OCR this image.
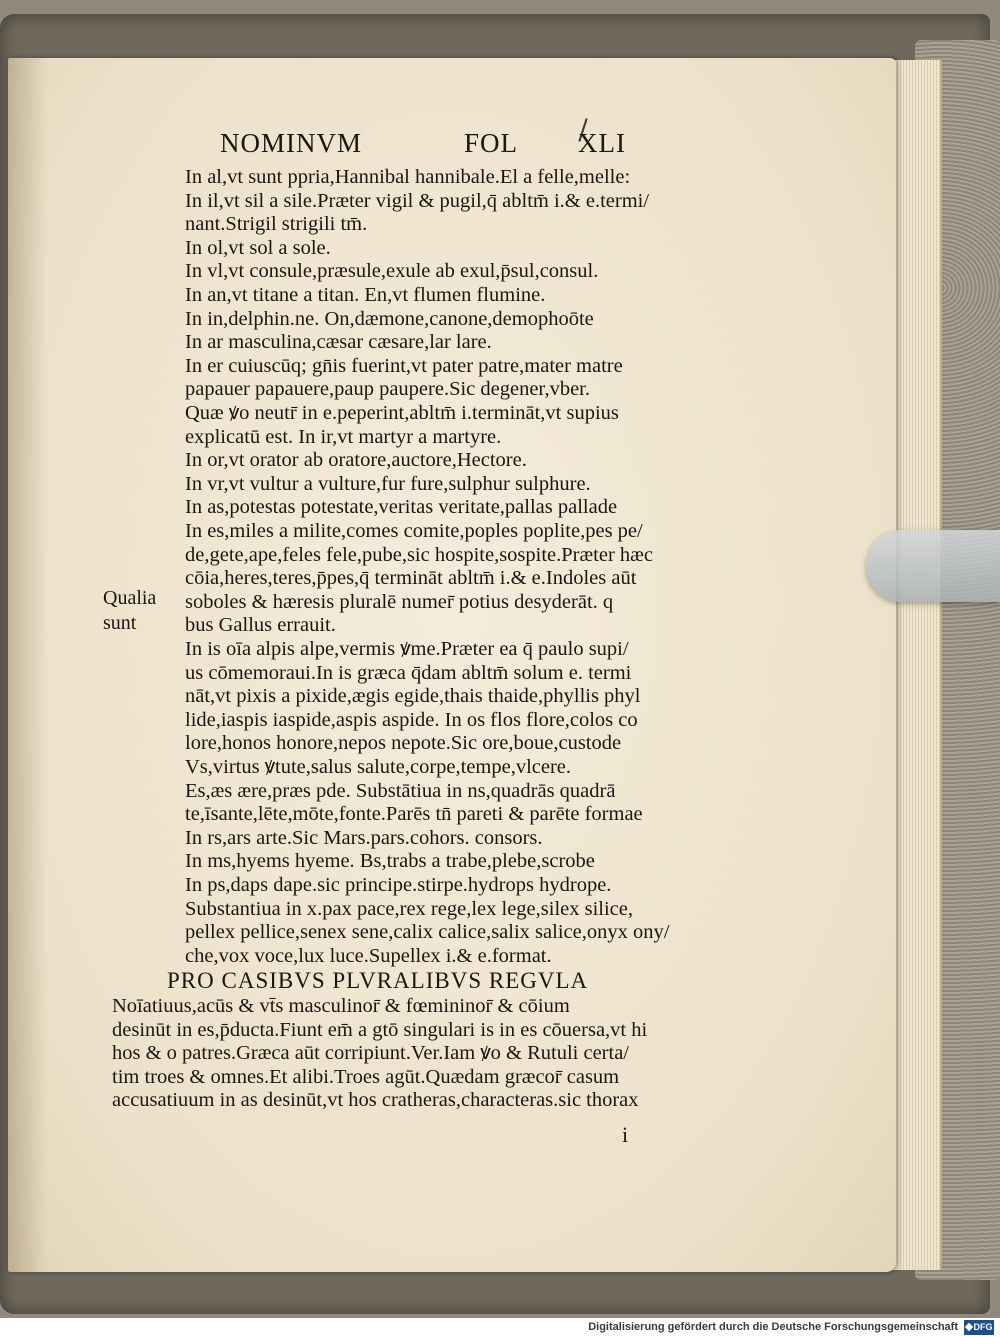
NOMINVM	FOL XLI
Qualia
sunt
In al,vt sunt ppria,Hannibal hannibale.El a felle,melle:
In il,vt sil a sile.Præter vigil & pugil,q̄ abltm̄ i.& e.termi/
nant.Strigil strigili tm̄.
In ol,vt sol a sole.
In vl,vt consule,præsule,exule ab exul,p̄sul,consul.
In an,vt titane a titan. En,vt flumen flumine.
In in,delphin.ne. On,dæmone,canone,demophoōte
In ar masculina,cæsar cæsare,lar lare.
In er cuiuscūq; gn̄is fuerint,vt pater patre,mater matre
papauer papauere,paup paupere.Sic degener,vber.
Quæ ꝟo neutr̄ in e.peperint,abltm̄ i.termināt,vt supius
explicatū est. In ir,vt martyr a martyre.
In or,vt orator ab oratore,auctore,Hectore.
In vr,vt vultur a vulture,fur fure,sulphur sulphure.
In as,potestas potestate,veritas veritate,pallas pallade
In es,miles a milite,comes comite,poples poplite,pes pe/
de,gete,ape,feles fele,pube,sic hospite,sospite.Præter hæc
cōia,heres,teres,p̄pes,q̄ termināt abltm̄ i.& e.Indoles aūt
soboles & hæresis pluralē numer̄ potius desyderāt. q
bus Gallus errauit.
In is oīa alpis alpe,vermis ꝟme.Præter ea q̄ paulo supi/
us cōmemoraui.In is græca q̄dam abltm̄ solum e. termi
nāt,vt pixis a pixide,ægis egide,thais thaide,phyllis phyl
lide,iaspis iaspide,aspis aspide. In os flos flore,colos co
lore,honos honore,nepos nepote.Sic ore,boue,custode
Vs,virtus ꝟtute,salus salute,corpe,tempe,vlcere.
Es,æs ære,præs pde. Substātiua in ns,quadrās quadrā
te,īsante,lēte,mōte,fonte.Parēs tn̄ pareti & parēte formae
In rs,ars arte.Sic Mars.pars.cohors. consors.
In ms,hyems hyeme. Bs,trabs a trabe,plebe,scrobe
In ps,daps dape.sic principe.stirpe.hydrops hydrope.
Substantiua in x.pax pace,rex rege,lex lege,silex silice,
pellex pellice,senex sene,calix calice,salix salice,onyx ony/
che,vox voce,lux luce.Supellex i.& e.format.
PRO CASIBVS PLVRALIBVS REGVLA
Noīatiuus,acūs & vt̄s masculinor̄ & fœmininor̄ & cōium
desinūt in es,p̄ducta.Fiunt em̄ a gtō singulari is in es cōuersa,vt hi
hos & o patres.Græca aūt corripiunt.Ver.Iam ꝟo & Rutuli certa/
tim troes & omnes.Et alibi.Troes agūt.Quædam græcor̄ casum
accusatiuum in as desinūt,vt hos cratheras,characteras.sic thorax
i
Digitalisierung gefördert durch die Deutsche Forschungsgemeinschaft	DFG
